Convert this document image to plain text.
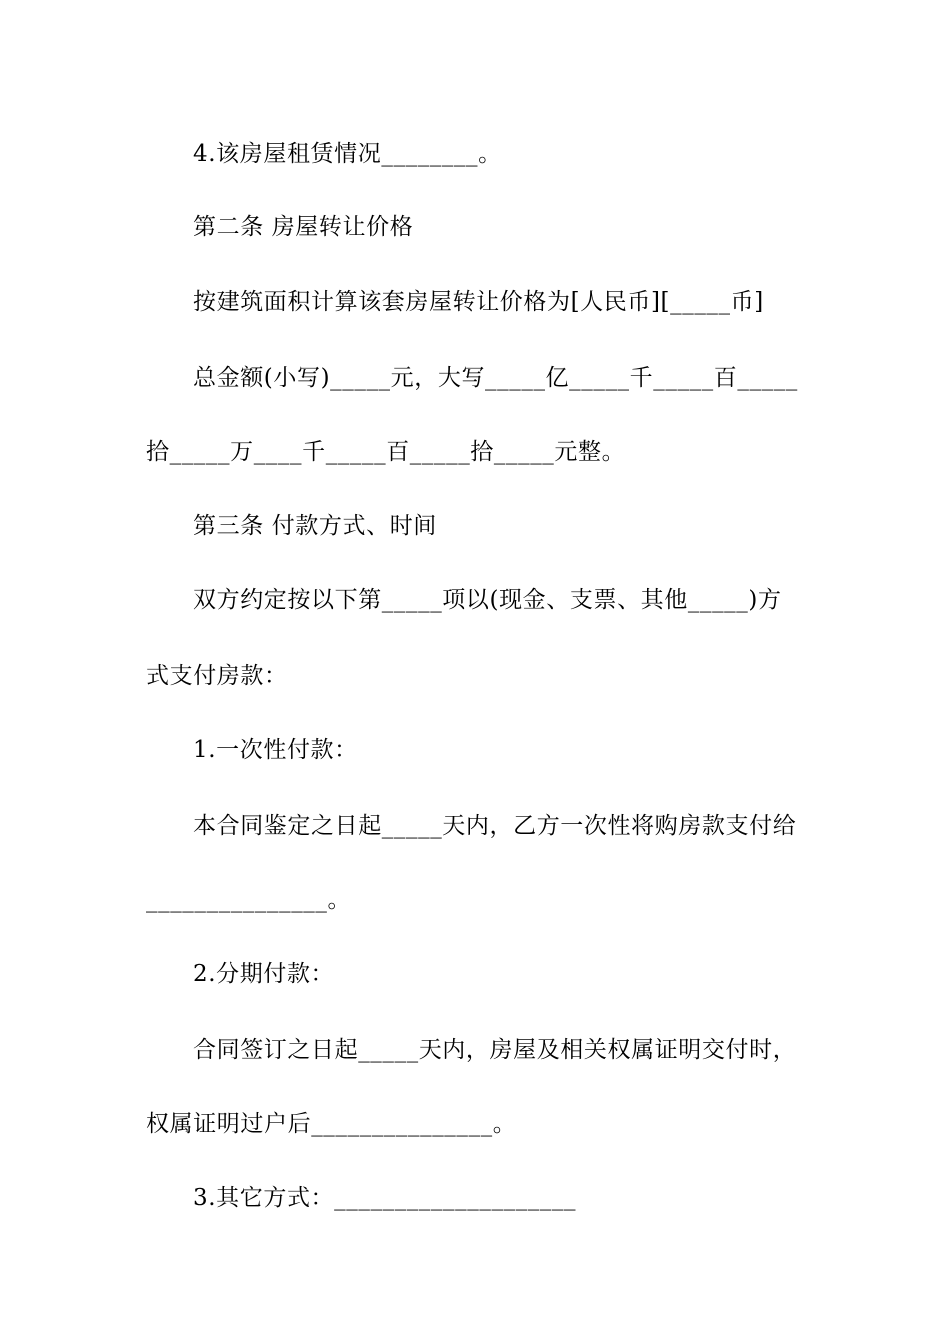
4.该房屋租赁情况________。
第二条 房屋转让价格
按建筑面积计算该套房屋转让价格为[人民币][_____币]
总金额(小写)_____元，大写_____亿_____千_____百_____
拾_____万____千_____百_____拾_____元整。
第三条 付款方式、时间
双方约定按以下第_____项以(现金、支票、其他_____)方
式支付房款：
1.一次性付款：
本合同鉴定之日起_____天内，乙方一次性将购房款支付给
_______________。
2.分期付款：
合同签订之日起_____天内，房屋及相关权属证明交付时，
权属证明过户后_______________。
3.其它方式：____________________
